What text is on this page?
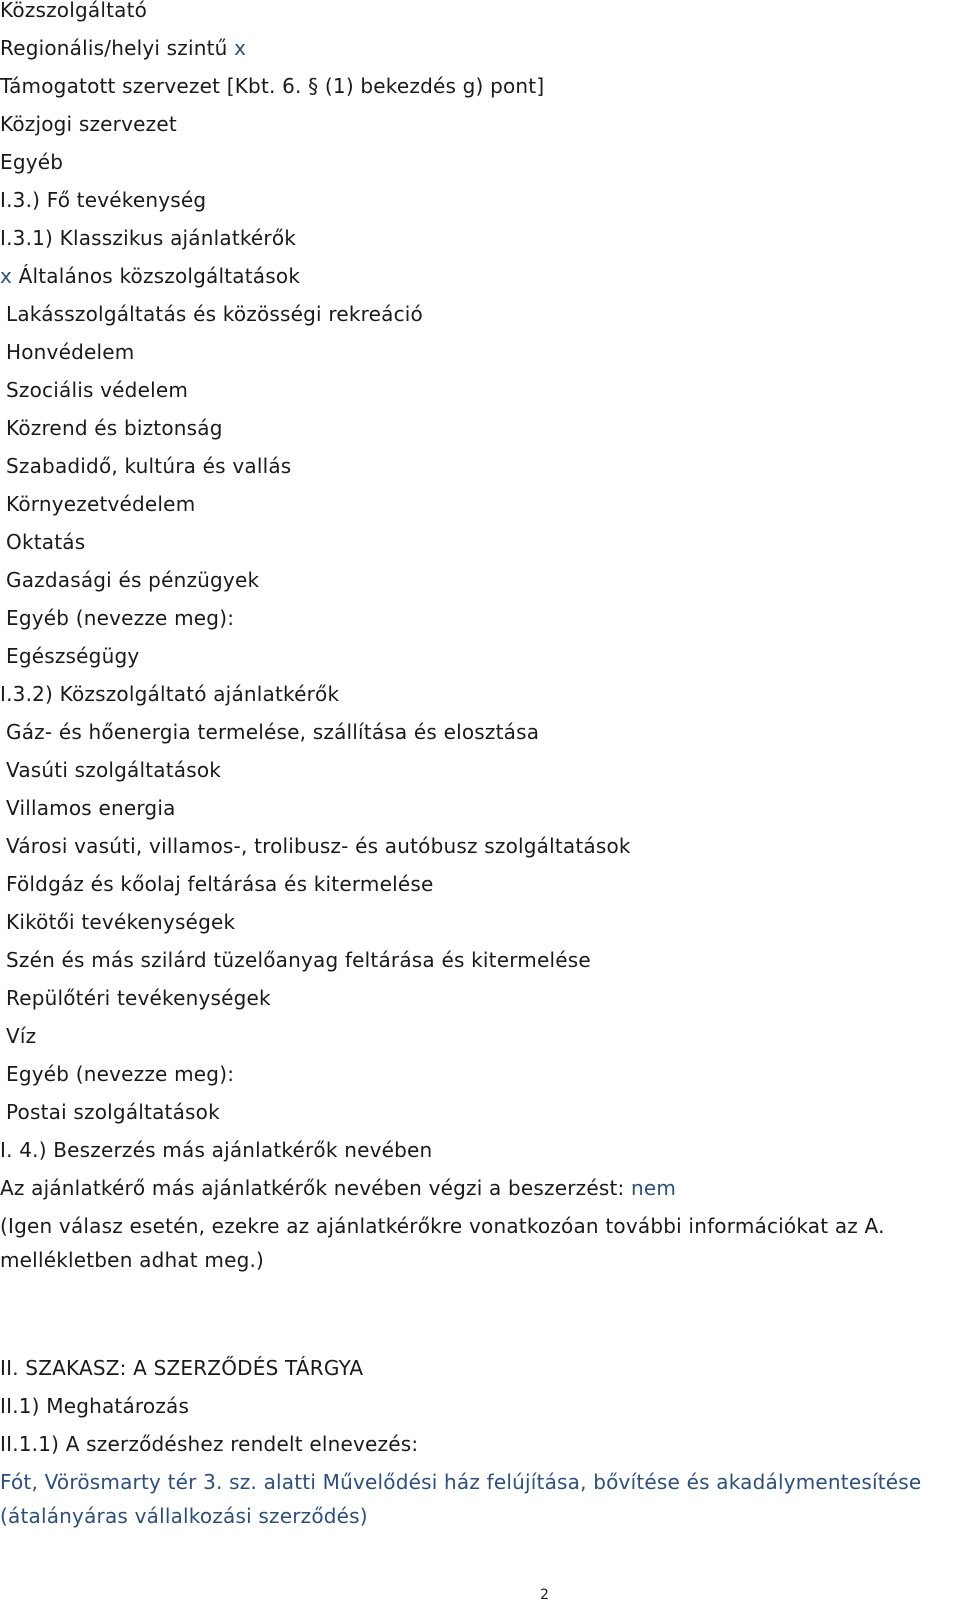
Közszolgáltató
Regionális/helyi szintű x
Támogatott szervezet [Kbt. 6. § (1) bekezdés g) pont]
Közjogi szervezet
Egyéb
I.3.) Fő tevékenység
I.3.1) Klasszikus ajánlatkérők
x Általános közszolgáltatások
Lakásszolgáltatás és közösségi rekreáció
Honvédelem
Szociális védelem
Közrend és biztonság
Szabadidő, kultúra és vallás
Környezetvédelem
Oktatás
Gazdasági és pénzügyek
Egyéb (nevezze meg):
Egészségügy
I.3.2) Közszolgáltató ajánlatkérők
Gáz- és hőenergia termelése, szállítása és elosztása
Vasúti szolgáltatások
Villamos energia
Városi vasúti, villamos-, trolibusz- és autóbusz szolgáltatások
Földgáz és kőolaj feltárása és kitermelése
Kikötői tevékenységek
Szén és más szilárd tüzelőanyag feltárása és kitermelése
Repülőtéri tevékenységek
Víz
Egyéb (nevezze meg):
Postai szolgáltatások
I. 4.) Beszerzés más ajánlatkérők nevében
Az ajánlatkérő más ajánlatkérők nevében végzi a beszerzést: nem
(Igen válasz esetén, ezekre az ajánlatkérőkre vonatkozóan további információkat az A.
mellékletben adhat meg.)
II. SZAKASZ: A SZERZŐDÉS TÁRGYA
II.1) Meghatározás
II.1.1) A szerződéshez rendelt elnevezés:
Fót, Vörösmarty tér 3. sz. alatti Művelődési ház felújítása, bővítése és akadálymentesítése
(átalányáras vállalkozási szerződés)
2
